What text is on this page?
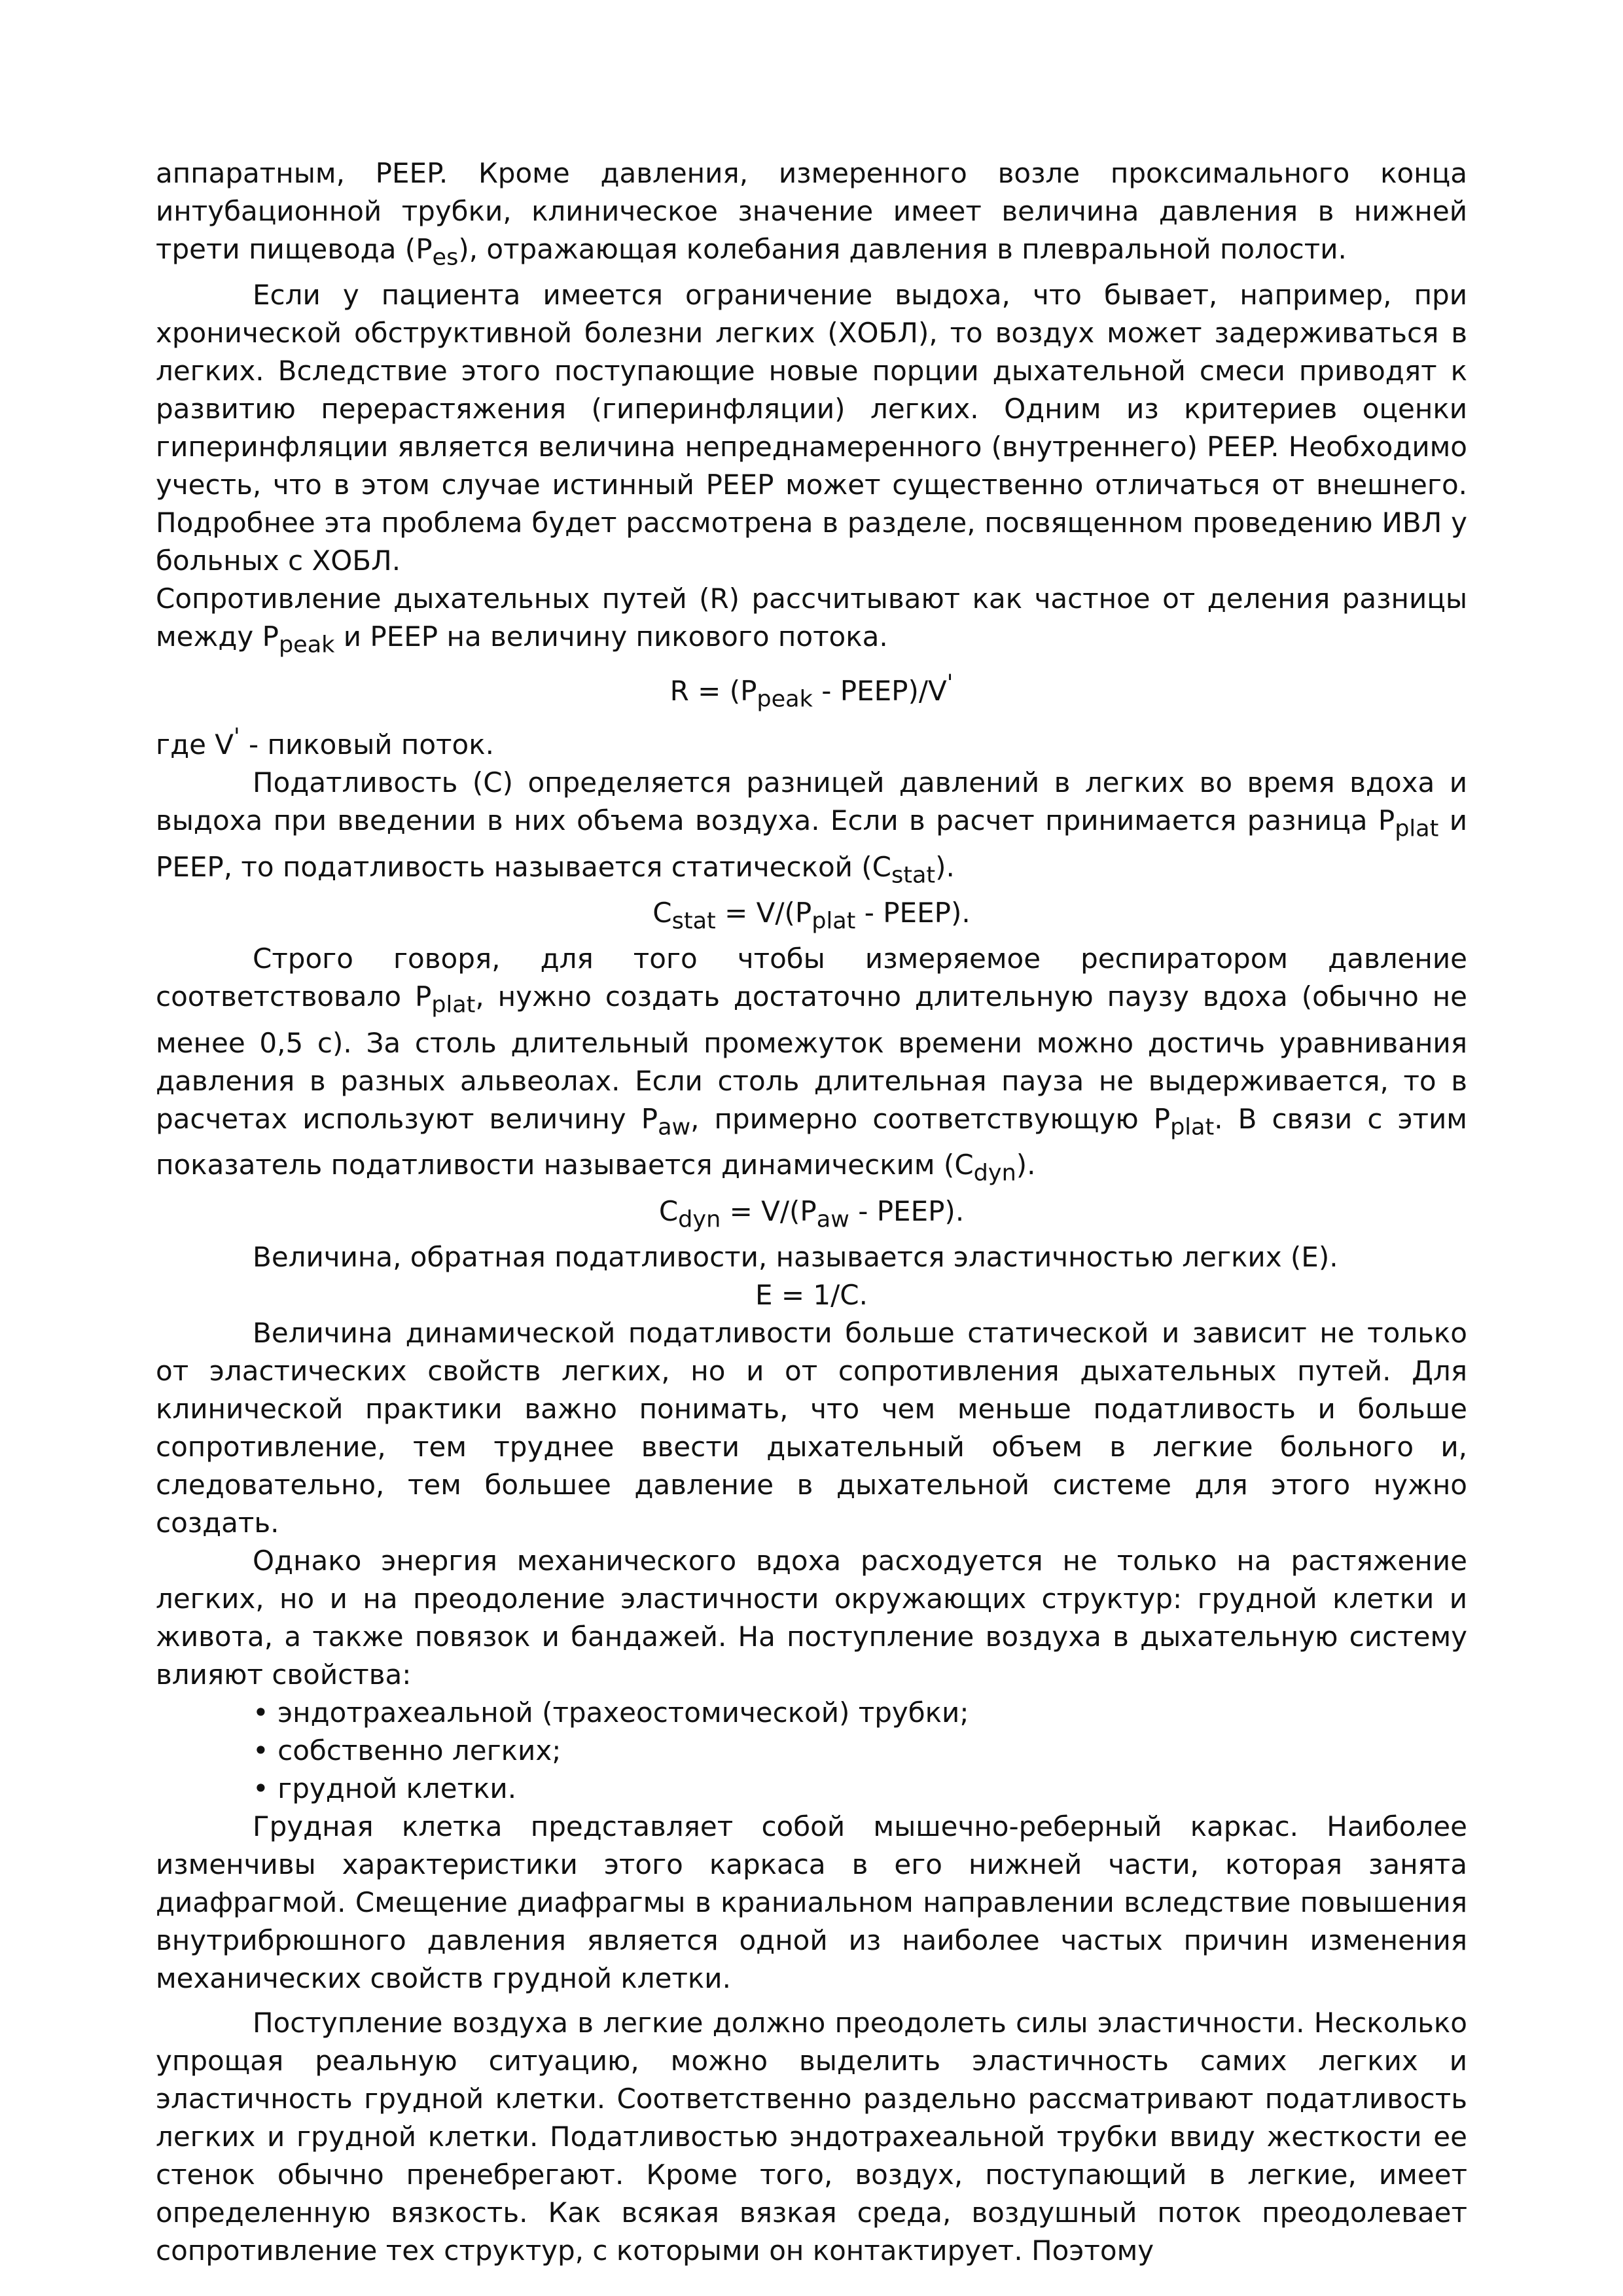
аппаратным, PEEP. Кроме давления, измеренного возле проксимального конца интубационной трубки, клиническое значение имеет величина давления в нижней трети пищевода $(P_{es})$, отражающая колебания давления в плевральной полости.

Если у пациента имеется ограничение выдоха, что бывает, например, при хронической обструктивной болезни легких (ХОБЛ), то воздух может задерживаться в легких. Вследствие этого поступающие новые порции дыхательной смеси приводят к развитию перерастяжения (гиперинфляции) легких. Одним из критериев оценки гиперинфляции является величина непреднамеренного (внутреннего) PEEP. Необходимо учесть, что в этом случае истинный PEEP может существенно отличаться от внешнего. Подробнее эта проблема будет рассмотрена в разделе, посвященном проведению ИВЛ у больных с ХОБЛ.

Сопротивление дыхательных путей (R) рассчитывают как частное от деления разницы между $P_{peak}$ и PEEP на величину пикового потока.

$R = (P_{peak}$ - PEEP)/V'

где V' - пиковый поток.

Податливость (C) определяется разницей давлений в легких во время вдоха и выдоха при введении в них объема воздуха. Если в расчет принимается разница $P_{plat}$ и PEEP, то податливость называется статической $(C_{stat})$.

$C_{stat} = V/(P_{plat}$ - PEEP).

Строго говоря, для того чтобы измеряемое респиратором давление соответствовало $P_{plat}$, нужно создать достаточно длительную паузу вдоха (обычно не менее 0,5 с). За столь длительный промежуток времени можно достичь уравнивания давления в разных альвеолах. Если столь длительная пауза не выдерживается, то в расчетах используют величину $P_{aw}$, примерно соответствующую $P_{plat}$. В связи с этим показатель податливости называется динамическим $(C_{dyn})$.

$C_{dyn} = V/(P_{aw}$ - PEEP).

Величина, обратная податливости, называется эластичностью легких (E).

E = 1/C.

Величина динамической податливости больше статической и зависит не только от эластических свойств легких, но и от сопротивления дыхательных путей. Для клинической практики важно понимать, что чем меньше податливость и больше сопротивление, тем труднее ввести дыхательный объем в легкие больного и, следовательно, тем большее давление в дыхательной системе для этого нужно создать.

Однако энергия механического вдоха расходуется не только на растяжение легких, но и на преодоление эластичности окружающих структур: грудной клетки и живота, а также повязок и бандажей. На поступление воздуха в дыхательную систему влияют свойства:

• эндотрахеальной (трахеостомической) трубки;

• собственно легких;

• грудной клетки.

Грудная клетка представляет собой мышечно-реберный каркас. Наиболее изменчивы характеристики этого каркаса в его нижней части, которая занята диафрагмой. Смещение диафрагмы в краниальном направлении вследствие повышения внутрибрюшного давления является одной из наиболее частых причин изменения механических свойств грудной клетки.

Поступление воздуха в легкие должно преодолеть силы эластичности. Несколько упрощая реальную ситуацию, можно выделить эластичность самих легких и эластичность грудной клетки. Соответственно раздельно рассматривают податливость легких и грудной клетки. Податливостью эндотрахеальной трубки ввиду жесткости ее стенок обычно пренебрегают. Кроме того, воздух, поступающий в легкие, имеет определенную вязкость. Как всякая вязкая среда, воздушный поток преодолевает сопротивление тех структур, с которыми он контактирует. Поэтому
